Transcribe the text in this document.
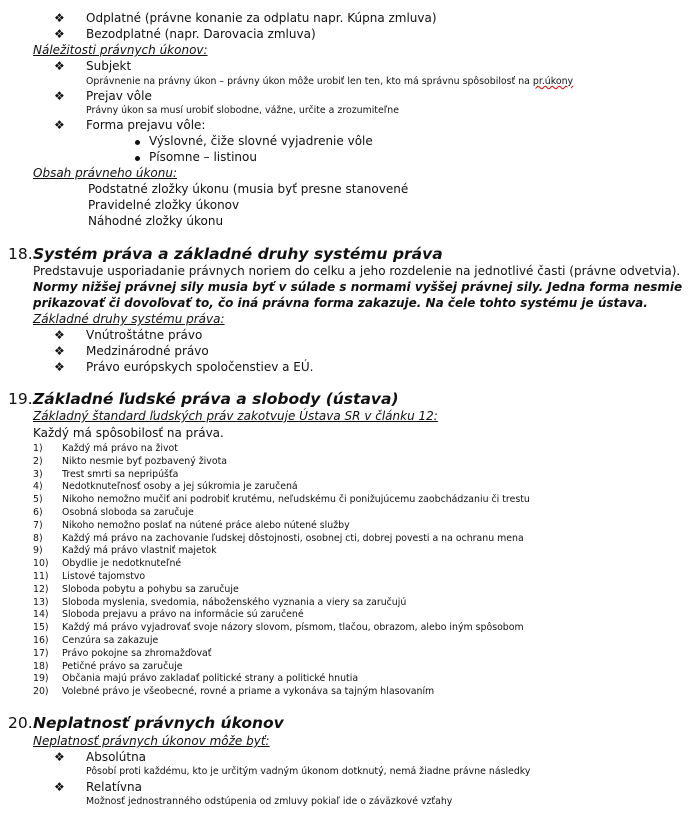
❖ Odplatné (právne konanie za odplatu napr. Kúpna zmluva)
❖ Bezodplatné (napr. Darovacia zmluva)
Náležitosti právnych úkonov:
❖ Subjekt
Oprávnenie na právny úkon – právny úkon môže urobiť len ten, kto má správnu spôsobilosť na pr.úkony
❖ Prejav vôle
Právny úkon sa musí urobiť slobodne, vážne, určite a zrozumiteľne
❖ Forma prejavu vôle:
Výslovné, čiže slovné vyjadrenie vôle
Písomne – listinou
Obsah právneho úkonu:
Podstatné zložky úkonu (musia byť presne stanovené
Pravidelné zložky úkonov
Náhodné zložky úkonu
18. Systém práva a základné druhy systému práva
Predstavuje usporiadanie právnych noriem do celku a jeho rozdelenie na jednotlivé časti (právne odvetvia).
Normy nižšej právnej sily musia byť v súlade s normami vyššej právnej sily. Jedna forma nesmie
prikazovať či dovoľovať to, čo iná právna forma zakazuje. Na čele tohto systému je ústava.
Základné druhy systému práva:
❖ Vnútroštátne právo
❖ Medzinárodné právo
❖ Právo európskych spoločenstiev a EÚ.
19. Základné ľudské práva a slobody (ústava)
Základný štandard ľudských práv zakotvuje Ústava SR v článku 12:
Každý má spôsobilosť na práva.
1) Každý má právo na život
2) Nikto nesmie byť pozbavený života
3) Trest smrti sa nepripúšťa
4) Nedotknuteľnosť osoby a jej súkromia je zaručená
5) Nikoho nemožno mučiť ani podrobiť krutému, neľudskému či ponižujúcemu zaobchádzaniu či trestu
6) Osobná sloboda sa zaručuje
7) Nikoho nemožno poslať na nútené práce alebo nútené služby
8) Každý má právo na zachovanie ľudskej dôstojnosti, osobnej cti, dobrej povesti a na ochranu mena
9) Každý má právo vlastniť majetok
10) Obydlie je nedotknuteľné
11) Listové tajomstvo
12) Sloboda pobytu a pohybu sa zaručuje
13) Sloboda myslenia, svedomia, náboženského vyznania a viery sa zaručujú
14) Sloboda prejavu a právo na informácie sú zaručené
15) Každý má právo vyjadrovať svoje názory slovom, písmom, tlačou, obrazom, alebo iným spôsobom
16) Cenzúra sa zakazuje
17) Právo pokojne sa zhromažďovať
18) Petičné právo sa zaručuje
19) Občania majú právo zakladať politické strany a politické hnutia
20) Volebné právo je všeobecné, rovné a priame a vykonáva sa tajným hlasovaním
20. Neplatnosť právnych úkonov
Neplatnosť právnych úkonov môže byť:
❖ Absolútna
Pôsobí proti každému, kto je určitým vadným úkonom dotknutý, nemá žiadne právne následky
❖ Relatívna
Možnosť jednostranného odstúpenia od zmluvy pokiaľ ide o záväzkové vzťahy
